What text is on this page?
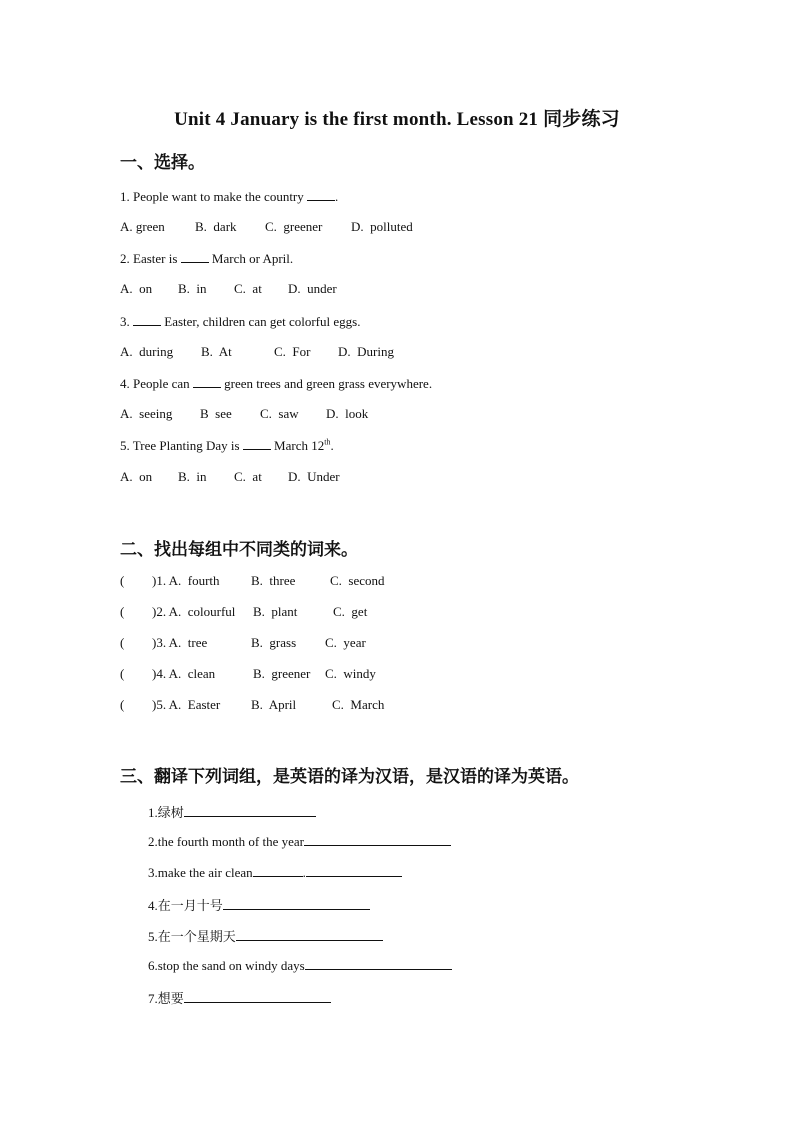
Unit 4 January is the first month. Lesson 21 同步练习
一、选择。
1. People want to make the country .
A. green B.  dark C.  greener D.  polluted
2. Easter is  March or April.
A.  on B.  in C.  at D.  under
3.  Easter, children can get colorful eggs.
A.  during B.  At	C.  For D.  During
4. People can  green trees and green grass everywhere.
A.  seeing B  see C.  saw D.  look
5. Tree Planting Day is  March 12th.
A.  on B.  in C.  at D.  Under
二、找出每组中不同类的词来。
( )1. A.  fourth B.  three	C.  second
( )2. A.  colourful B.  plant	C.  get
( )3. A.  tree	B.  grass C.  year
( )4. A.  clean	B.  greener C.  windy
( )5. A.  Easter B.  April	C.  March
三、翻译下列词组，是英语的译为汉语，是汉语的译为英语。
1.绿树
2.the fourth month of the year
3.make the air clean	.
4.在一月十号
5.在一个星期天
6.stop the sand on windy days
7.想要
